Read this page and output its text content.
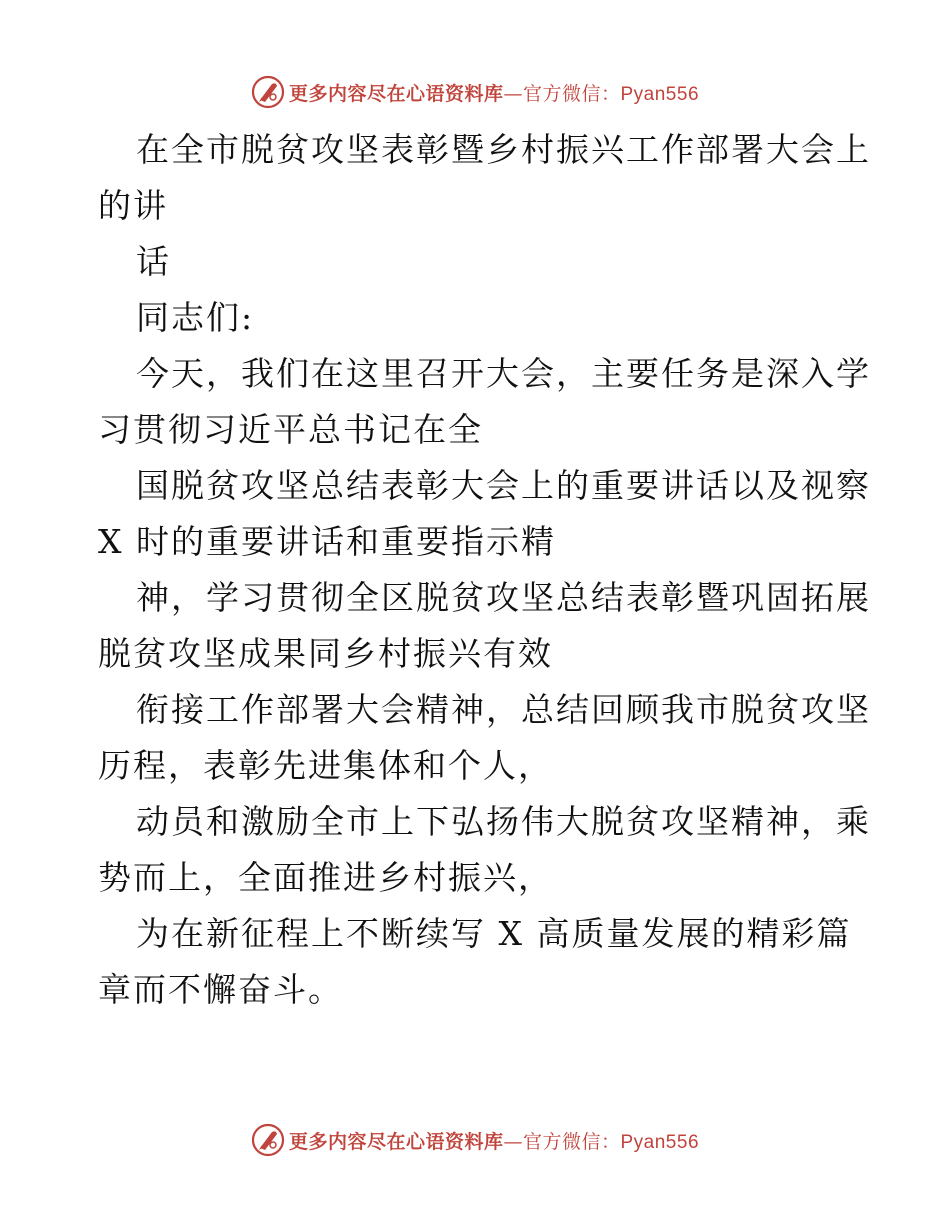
更多内容尽在心语资料库—官方微信：Pyan556
在全市脱贫攻坚表彰暨乡村振兴工作部署大会上
的讲
话
同志们:
今天，我们在这里召开大会，主要任务是深入学
习贯彻习近平总书记在全
国脱贫攻坚总结表彰大会上的重要讲话以及视察
X 时的重要讲话和重要指示精
神，学习贯彻全区脱贫攻坚总结表彰暨巩固拓展
脱贫攻坚成果同乡村振兴有效
衔接工作部署大会精神，总结回顾我市脱贫攻坚
历程，表彰先进集体和个人，
动员和激励全市上下弘扬伟大脱贫攻坚精神，乘
势而上，全面推进乡村振兴，
为在新征程上不断续写 X 高质量发展的精彩篇
章而不懈奋斗。
更多内容尽在心语资料库—官方微信：Pyan556
